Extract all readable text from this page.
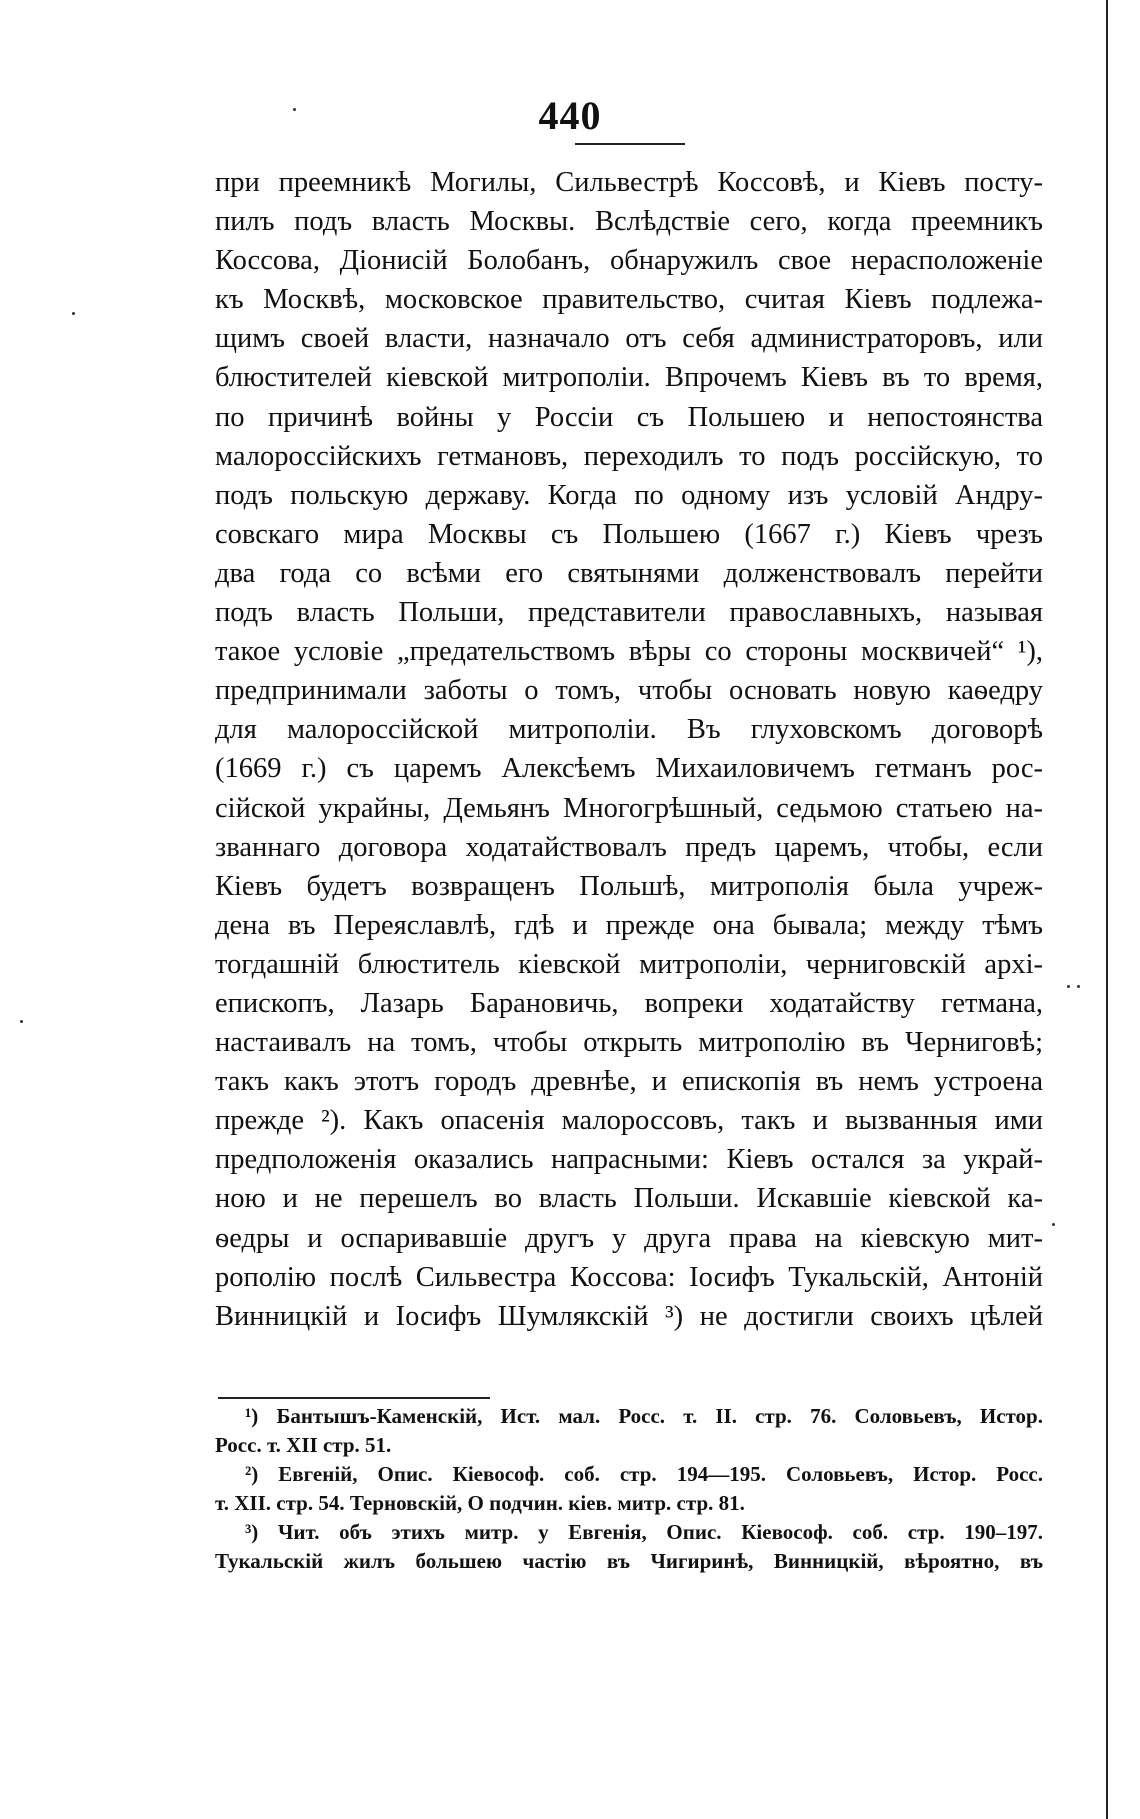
440
при преемникѣ Могилы, Сильвестрѣ Коссовѣ, и Кіевъ посту-
пилъ подъ власть Москвы. Вслѣдствіе сего, когда преемникъ
Коссова, Діонисій Болобанъ, обнаружилъ свое нерасположеніе
къ Москвѣ, московское правительство, считая Кіевъ подлежа-
щимъ своей власти, назначало отъ себя администраторовъ, или
блюстителей кіевской митрополіи. Впрочемъ Кіевъ въ то время,
по причинѣ войны у Россіи съ Польшею и непостоянства
малороссійскихъ гетмановъ, переходилъ то подъ россійскую, то
подъ польскую державу. Когда по одному изъ условій Андру-
совскаго мира Москвы съ Польшею (1667 г.) Кіевъ чрезъ
два года со всѣми его святынями долженствовалъ перейти
подъ власть Польши, представители православныхъ, называя
такое условіе „предательствомъ вѣры со стороны москвичей“ ¹),
предпринимали заботы о томъ, чтобы основать новую каѳедру
для малороссійской митрополіи. Въ глуховскомъ договорѣ
(1669 г.) съ царемъ Алексѣемъ Михаиловичемъ гетманъ рос-
сійской украйны, Демьянъ Многогрѣшный, седьмою статьею на-
званнаго договора ходатайствовалъ предъ царемъ, чтобы, если
Кіевъ будетъ возвращенъ Польшѣ, митрополія была учреж-
дена въ Переяславлѣ, гдѣ и прежде она бывала; между тѣмъ
тогдашній блюститель кіевской митрополіи, черниговскій архі-
епископъ, Лазарь Барановичь, вопреки ходатайству гетмана,
настаивалъ на томъ, чтобы открыть митрополію въ Черниговѣ;
такъ какъ этотъ городъ древнѣе, и епископія въ немъ устроена
прежде ²). Какъ опасенія малороссовъ, такъ и вызванныя ими
предположенія оказались напрасными: Кіевъ остался за украй-
ною и не перешелъ во власть Польши. Искавшіе кіевской ка-
ѳедры и оспаривавшіе другъ у друга права на кіевскую мит-
рополію послѣ Сильвестра Коссова: Іосифъ Тукальскій, Антоній
Винницкій и Іосифъ Шумлякскій ³) не достигли своихъ цѣлей
¹) Бантышъ-Каменскій, Ист. мал. Росс. т. II. стр. 76. Соловьевъ, Истор.
Росс. т. XII стр. 51.
²) Евгеній, Опис. Кіевософ. соб. стр. 194—195. Соловьевъ, Истор. Росс.
т. XII. стр. 54. Терновскій, О подчин. кіев. митр. стр. 81.
³) Чит. объ этихъ митр. у Евгенія, Опис. Кіевософ. соб. стр. 190–197.
Тукальскій жилъ большею частію въ Чигиринѣ, Винницкій, вѣроятно, въ
